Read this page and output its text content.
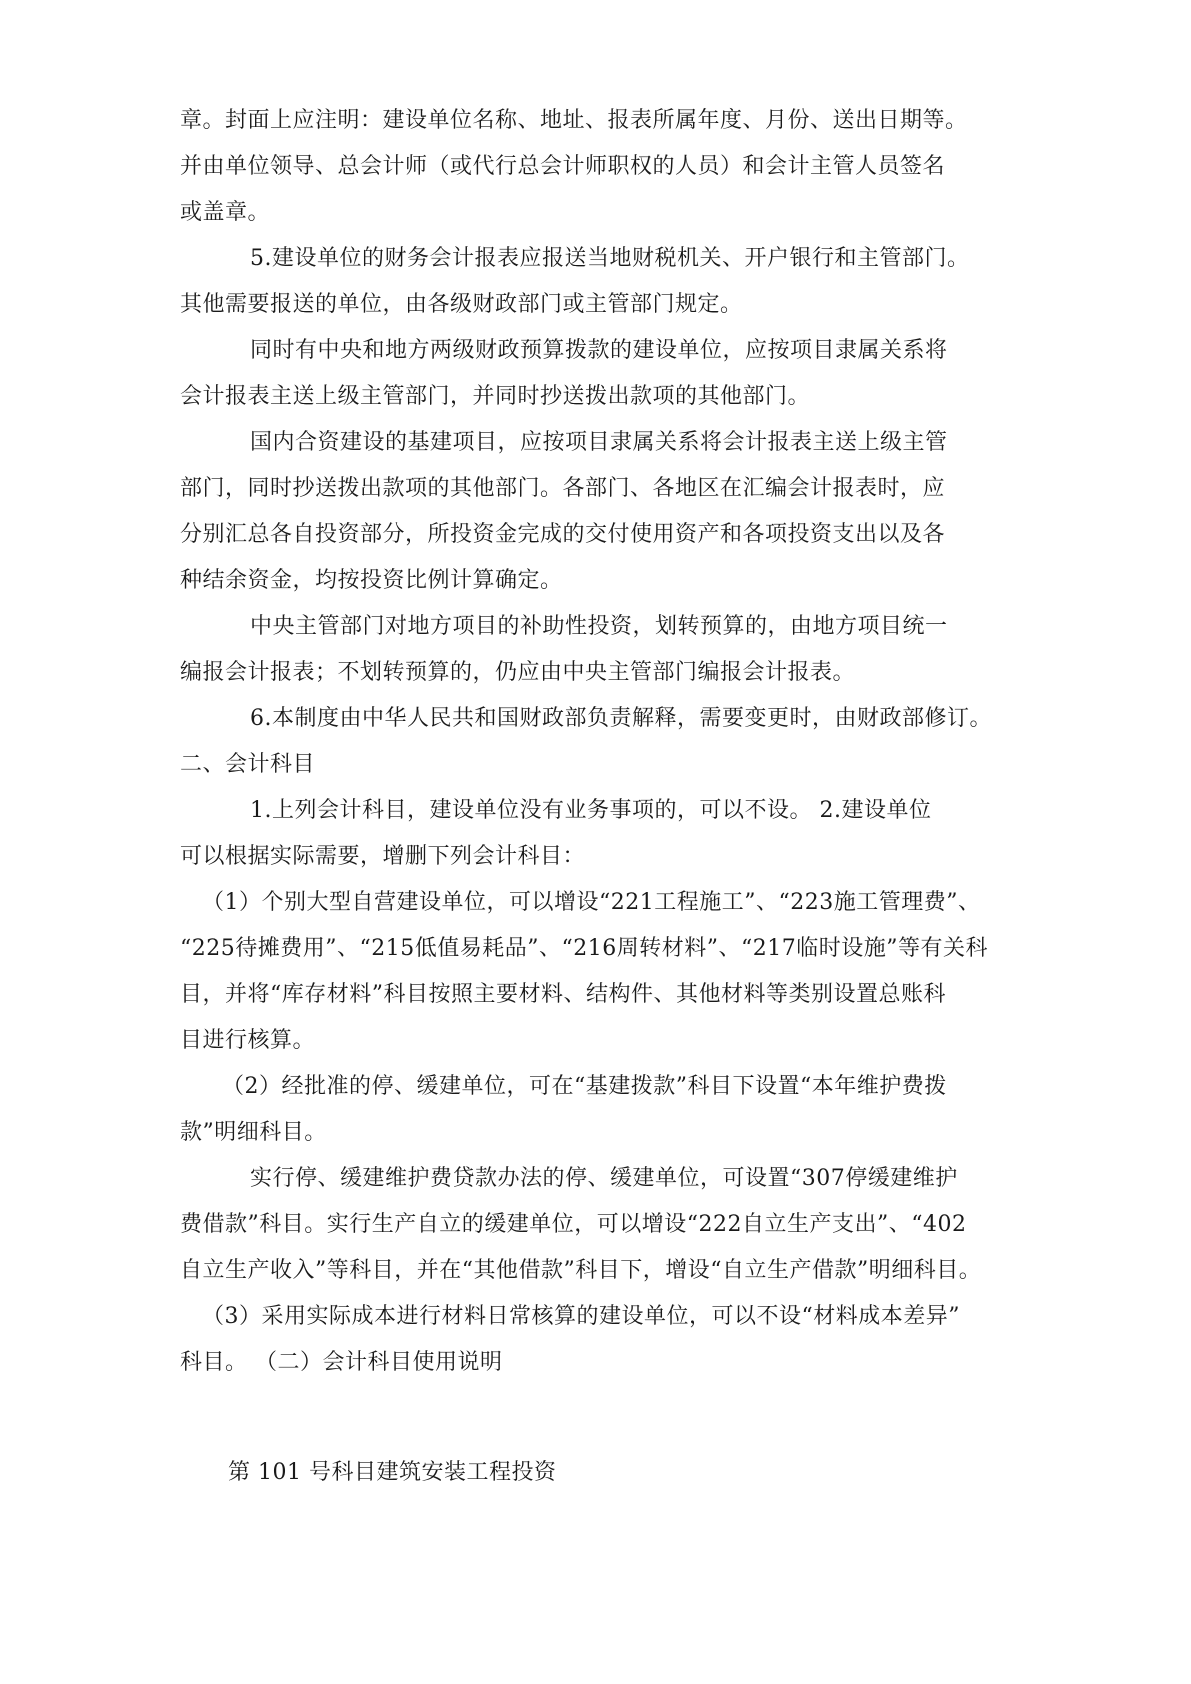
章。封面上应注明：建设单位名称、地址、报表所属年度、月份、送出日期等。
并由单位领导、总会计师（或代行总会计师职权的人员）和会计主管人员签名
或盖章。
5.建设单位的财务会计报表应报送当地财税机关、开户银行和主管部门。
其他需要报送的单位，由各级财政部门或主管部门规定。
同时有中央和地方两级财政预算拨款的建设单位，应按项目隶属关系将
会计报表主送上级主管部门，并同时抄送拨出款项的其他部门。
国内合资建设的基建项目，应按项目隶属关系将会计报表主送上级主管
部门，同时抄送拨出款项的其他部门。各部门、各地区在汇编会计报表时，应
分别汇总各自投资部分，所投资金完成的交付使用资产和各项投资支出以及各
种结余资金，均按投资比例计算确定。
中央主管部门对地方项目的补助性投资，划转预算的，由地方项目统一
编报会计报表；不划转预算的，仍应由中央主管部门编报会计报表。
6.本制度由中华人民共和国财政部负责解释，需要变更时，由财政部修订。
二、会计科目
1.上列会计科目，建设单位没有业务事项的，可以不设。 2.建设单位
可以根据实际需要，增删下列会计科目：
（1）个别大型自营建设单位，可以增设“221工程施工”、“223施工管理费”、
“225待摊费用”、“215低值易耗品”、“216周转材料”、“217临时设施”等有关科
目，并将“库存材料”科目按照主要材料、结构件、其他材料等类别设置总账科
目进行核算。
（2）经批准的停、缓建单位，可在“基建拨款”科目下设置“本年维护费拨
款”明细科目。
实行停、缓建维护费贷款办法的停、缓建单位，可设置“307停缓建维护
费借款”科目。实行生产自立的缓建单位，可以增设“222自立生产支出”、“402
自立生产收入”等科目，并在“其他借款”科目下，增设“自立生产借款”明细科目。
（3）采用实际成本进行材料日常核算的建设单位，可以不设“材料成本差异”
科目。 （二）会计科目使用说明
第 101 号科目建筑安装工程投资
